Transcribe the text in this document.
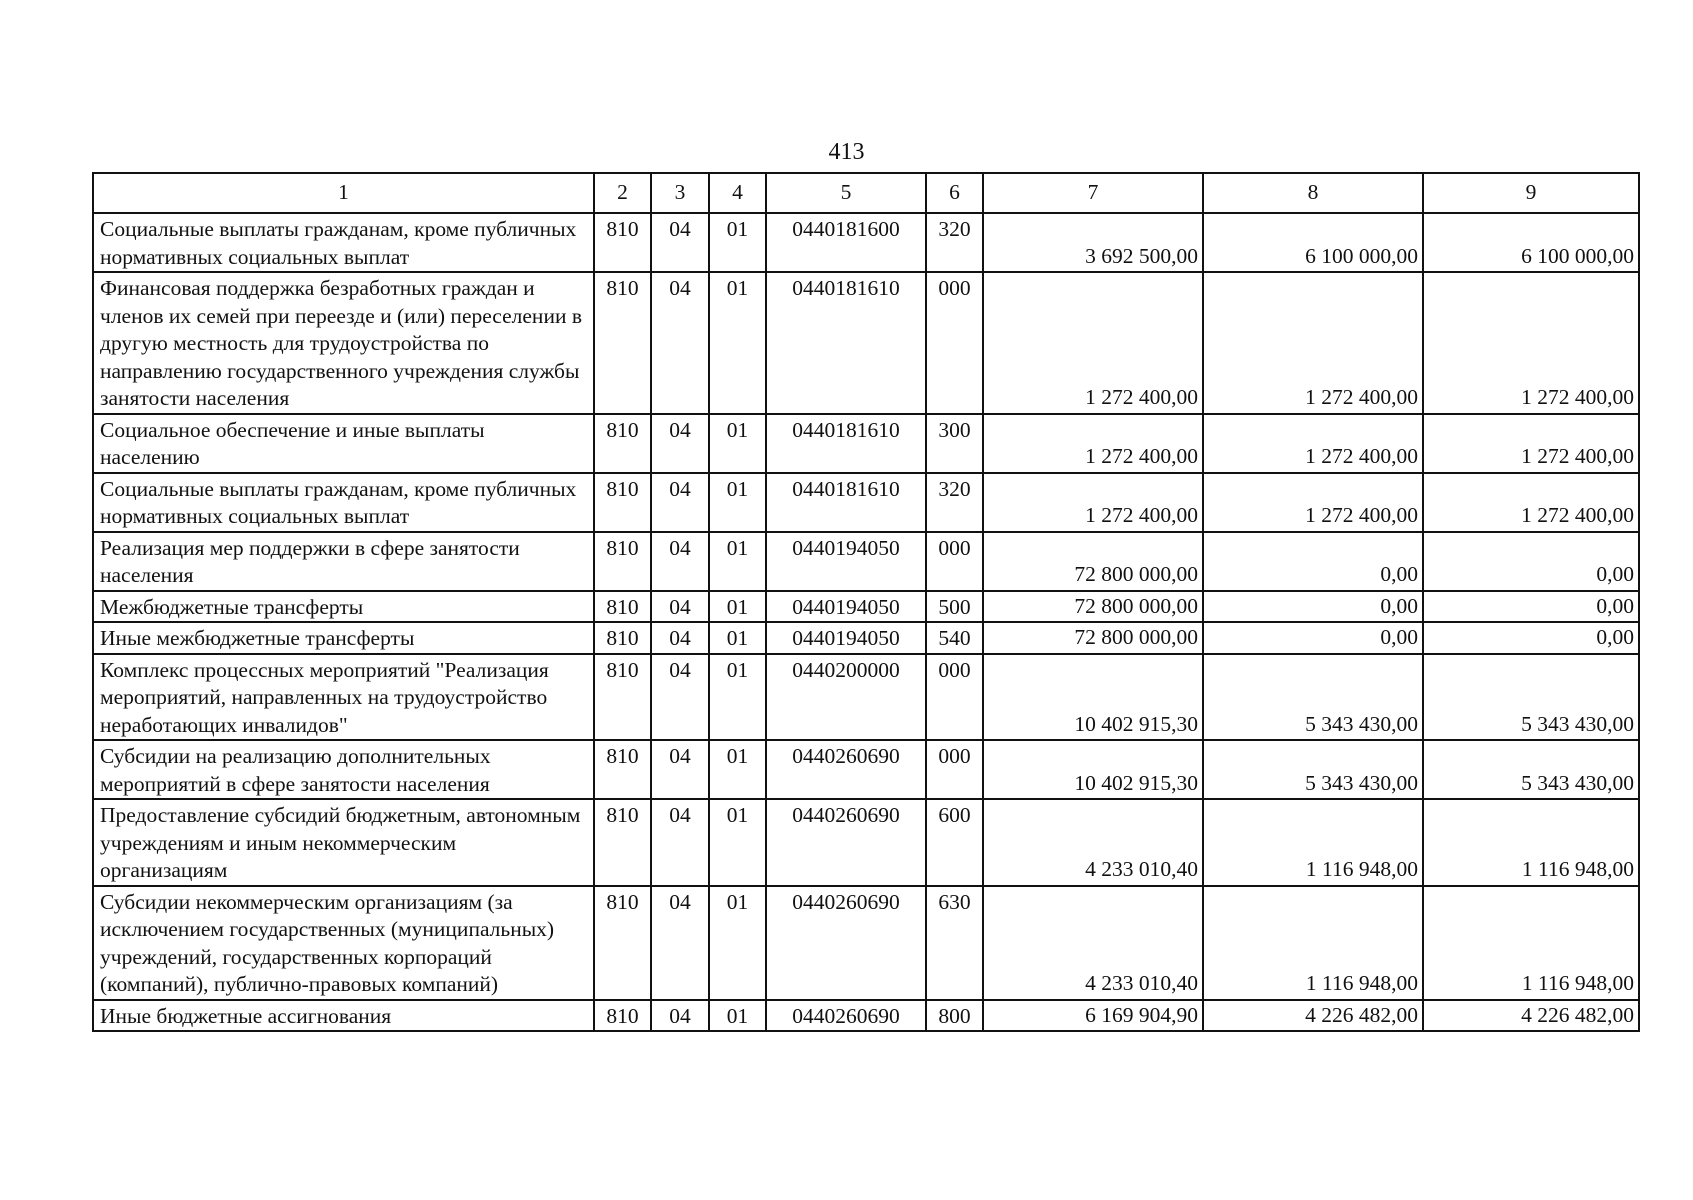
413
1	2	3	4	5	6	7	8	9
Социальные выплаты гражданам, кроме публичных нормативных социальных выплат	810	04	01	0440181600	320	3 692 500,00	6 100 000,00	6 100 000,00
Финансовая поддержка безработных граждан и членов их семей при переезде и (или) переселении в другую местность для трудоустройства по направлению государственного учреждения службы занятости населения	810	04	01	0440181610	000	1 272 400,00	1 272 400,00	1 272 400,00
Социальное обеспечение и иные выплаты населению	810	04	01	0440181610	300	1 272 400,00	1 272 400,00	1 272 400,00
Социальные выплаты гражданам, кроме публичных нормативных социальных выплат	810	04	01	0440181610	320	1 272 400,00	1 272 400,00	1 272 400,00
Реализация мер поддержки в сфере занятости населения	810	04	01	0440194050	000	72 800 000,00	0,00	0,00
Межбюджетные трансферты	810	04	01	0440194050	500	72 800 000,00	0,00	0,00
Иные межбюджетные трансферты	810	04	01	0440194050	540	72 800 000,00	0,00	0,00
Комплекс процессных мероприятий "Реализация мероприятий, направленных на трудоустройство неработающих инвалидов"	810	04	01	0440200000	000	10 402 915,30	5 343 430,00	5 343 430,00
Субсидии на реализацию дополнительных мероприятий в сфере занятости населения	810	04	01	0440260690	000	10 402 915,30	5 343 430,00	5 343 430,00
Предоставление субсидий бюджетным, автономным учреждениям и иным некоммерческим организациям	810	04	01	0440260690	600	4 233 010,40	1 116 948,00	1 116 948,00
Субсидии некоммерческим организациям (за исключением государственных (муниципальных) учреждений, государственных корпораций (компаний), публично-правовых компаний)	810	04	01	0440260690	630	4 233 010,40	1 116 948,00	1 116 948,00
Иные бюджетные ассигнования	810	04	01	0440260690	800	6 169 904,90	4 226 482,00	4 226 482,00
